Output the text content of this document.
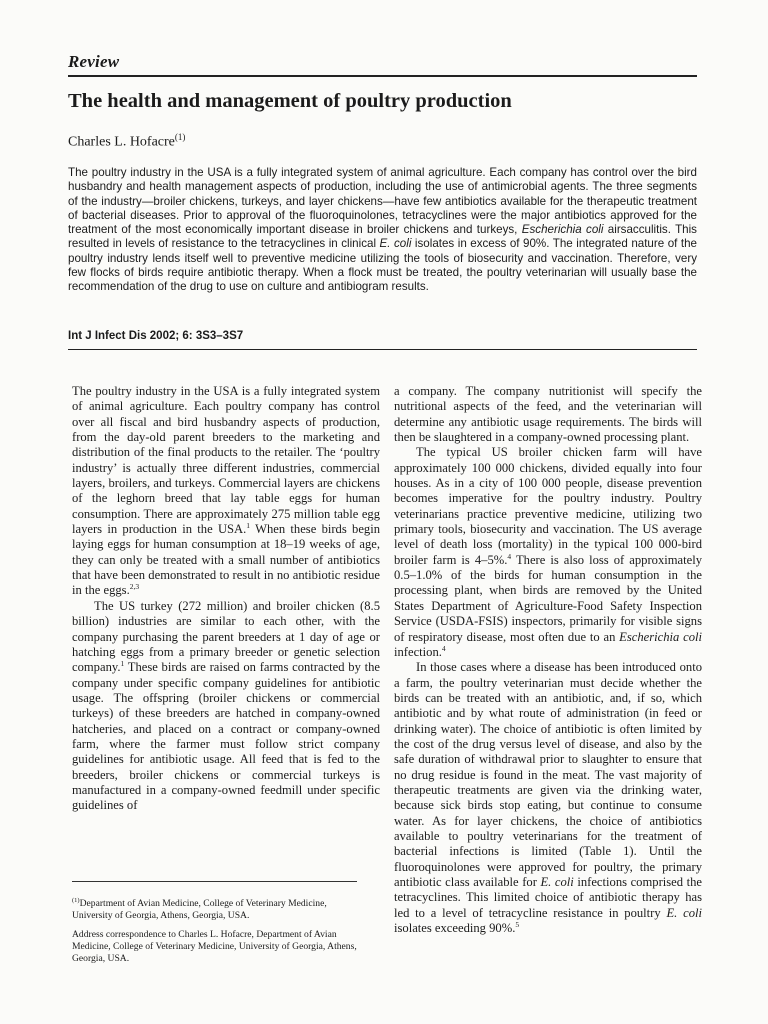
Review
The health and management of poultry production
Charles L. Hofacre$^{(1)}$

The poultry industry in the USA is a fully integrated system of animal agriculture. Each company has control over the bird husbandry and health management aspects of production, including the use of antimicrobial agents. The three segments of the industry—broiler chickens, turkeys, and layer chickens—have few antibiotics available for the therapeutic treatment of bacterial diseases. Prior to approval of the fluoroquinolones, tetracyclines were the major antibiotics approved for the treatment of the most economically important disease in broiler chickens and turkeys, Escherichia coli airsacculitis. This resulted in levels of resistance to the tetracyclines in clinical E. coli isolates in excess of 90%. The integrated nature of the poultry industry lends itself well to preventive medicine utilizing the tools of biosecurity and vaccination. Therefore, very few flocks of birds require antibiotic therapy. When a flock must be treated, the poultry veterinarian will usually base the recommendation of the drug to use on culture and antibiogram results.

Int J Infect Dis 2002; 6: 3S3–3S7

The poultry industry in the USA is a fully integrated system of animal agriculture. Each poultry company has control over all fiscal and bird husbandry aspects of production, from the day-old parent breeders to the marketing and distribution of the final products to the retailer. The ‘poultry industry’ is actually three different industries, commercial layers, broilers, and turkeys. Commercial layers are chickens of the leghorn breed that lay table eggs for human consumption. There are approximately 275 million table egg layers in production in the USA.$^1$ When these birds begin laying eggs for human consumption at 18–19 weeks of age, they can only be treated with a small number of antibiotics that have been demonstrated to result in no antibiotic residue in the eggs.$^{2,3}$

The US turkey (272 million) and broiler chicken (8.5 billion) industries are similar to each other, with the company purchasing the parent breeders at 1 day of age or hatching eggs from a primary breeder or genetic selection company.$^1$ These birds are raised on farms contracted by the company under specific company guidelines for antibiotic usage. The offspring (broiler chickens or commercial turkeys) of these breeders are hatched in company-owned hatcheries, and placed on a contract or company-owned farm, where the farmer must follow strict company guidelines for antibiotic usage. All feed that is fed to the breeders, broiler chickens or commercial turkeys is manufactured in a company-owned feedmill under specific guidelines of

$^{(1)}$Department of Avian Medicine, College of Veterinary Medicine, University of Georgia, Athens, Georgia, USA.

Address correspondence to Charles L. Hofacre, Department of Avian Medicine, College of Veterinary Medicine, University of Georgia, Athens, Georgia, USA.

a company. The company nutritionist will specify the nutritional aspects of the feed, and the veterinarian will determine any antibiotic usage requirements. The birds will then be slaughtered in a company-owned processing plant.

The typical US broiler chicken farm will have approximately 100 000 chickens, divided equally into four houses. As in a city of 100 000 people, disease prevention becomes imperative for the poultry industry. Poultry veterinarians practice preventive medicine, utilizing two primary tools, biosecurity and vaccination. The US average level of death loss (mortality) in the typical 100 000-bird broiler farm is 4–5%.$^4$ There is also loss of approximately 0.5–1.0% of the birds for human consumption in the processing plant, when birds are removed by the United States Department of Agriculture-Food Safety Inspection Service (USDA-FSIS) inspectors, primarily for visible signs of respiratory disease, most often due to an Escherichia coli infection.$^4$

In those cases where a disease has been introduced onto a farm, the poultry veterinarian must decide whether the birds can be treated with an antibiotic, and, if so, which antibiotic and by what route of administration (in feed or drinking water). The choice of antibiotic is often limited by the cost of the drug versus level of disease, and also by the safe duration of withdrawal prior to slaughter to ensure that no drug residue is found in the meat. The vast majority of therapeutic treatments are given via the drinking water, because sick birds stop eating, but continue to consume water. As for layer chickens, the choice of antibiotics available to poultry veterinarians for the treatment of bacterial infections is limited (Table 1). Until the fluoroquinolones were approved for poultry, the primary antibiotic class available for E. coli infections comprised the tetracyclines. This limited choice of antibiotic therapy has led to a level of tetracycline resistance in poultry E. coli isolates exceeding 90%.$^5$
